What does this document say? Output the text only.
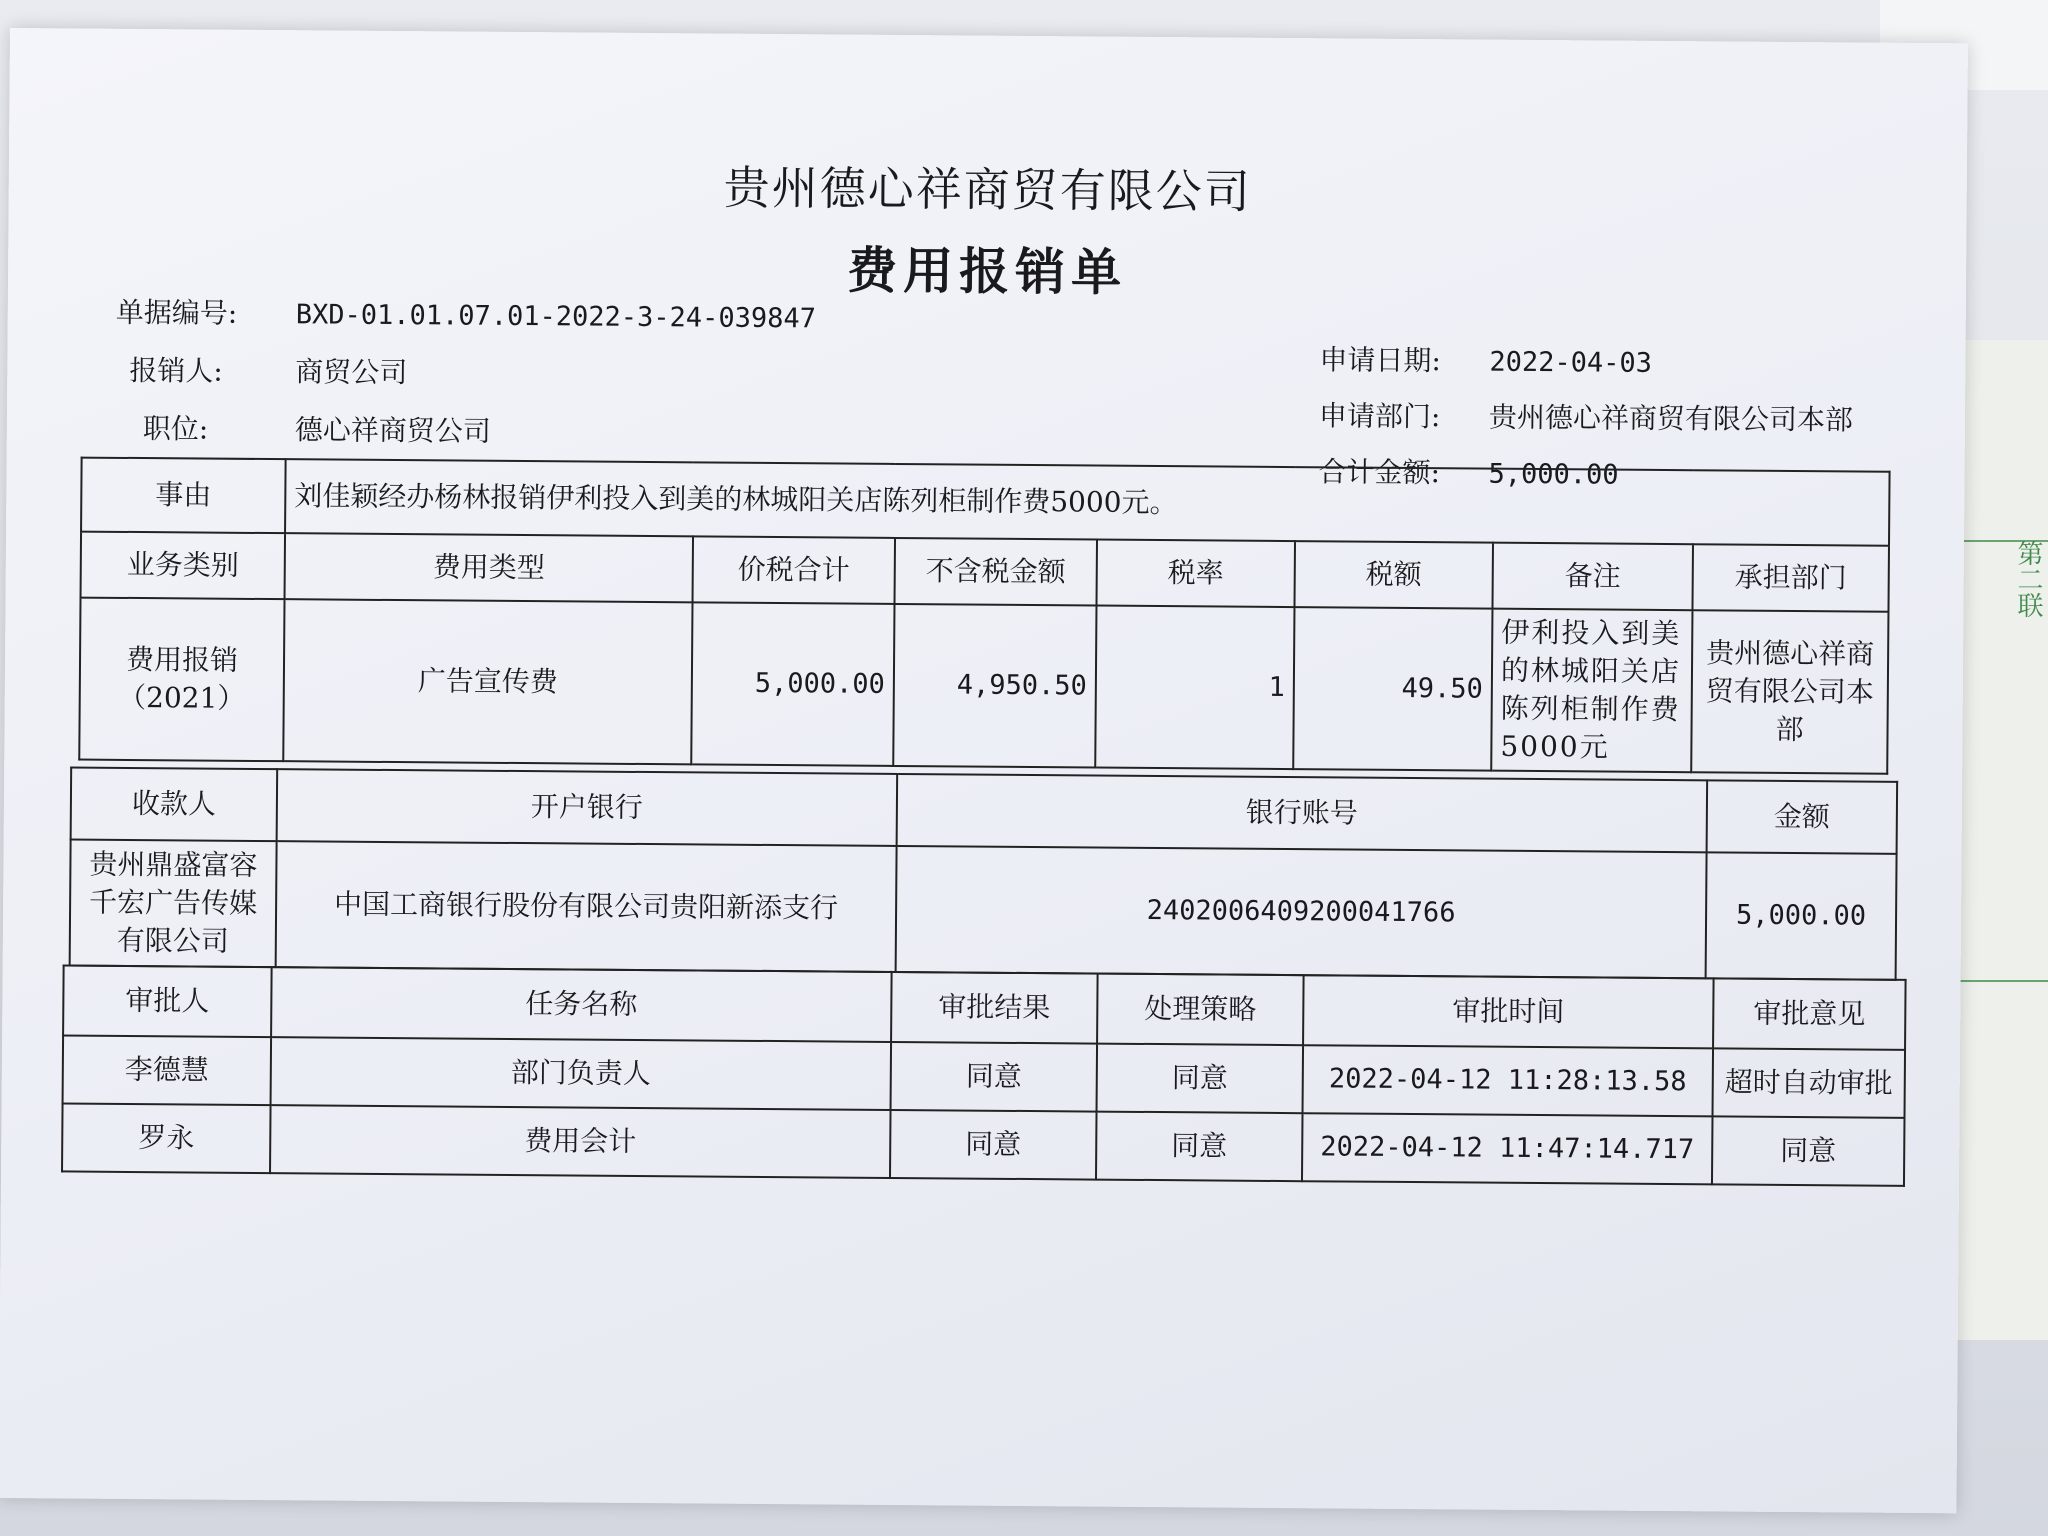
第二联
贵州德心祥商贸有限公司
费用报销单
单据编号: BXD-01.01.07.01-2022-3-24-039847
报销人:	商贸公司
职位:	德心祥商贸公司
申请日期: 2022-04-03
申请部门: 贵州德心祥商贸有限公司本部
合计金额: 5,000.00
事由	刘佳颖经办杨林报销伊利投入到美的林城阳关店陈列柜制作费5000元。						
业务类别	费用类型	价税合计	不含税金额	税率	税额	备注	承担部门
费用报销（2021）	广告宣传费	5,000.00	4,950.50	1	49.50	伊利投入到美的林城阳关店陈列柜制作费5000元	贵州德心祥商贸有限公司本部
收款人	开户银行	银行账号	金额
贵州鼎盛富容千宏广告传媒有限公司	中国工商银行股份有限公司贵阳新添支行	2402006409200041766	5,000.00
审批人	任务名称	审批结果	处理策略	审批时间	审批意见
李德慧	部门负责人	同意	同意	2022-04-12 11:28:13.58	超时自动审批
罗永	费用会计	同意	同意	2022-04-12 11:47:14.717	同意
